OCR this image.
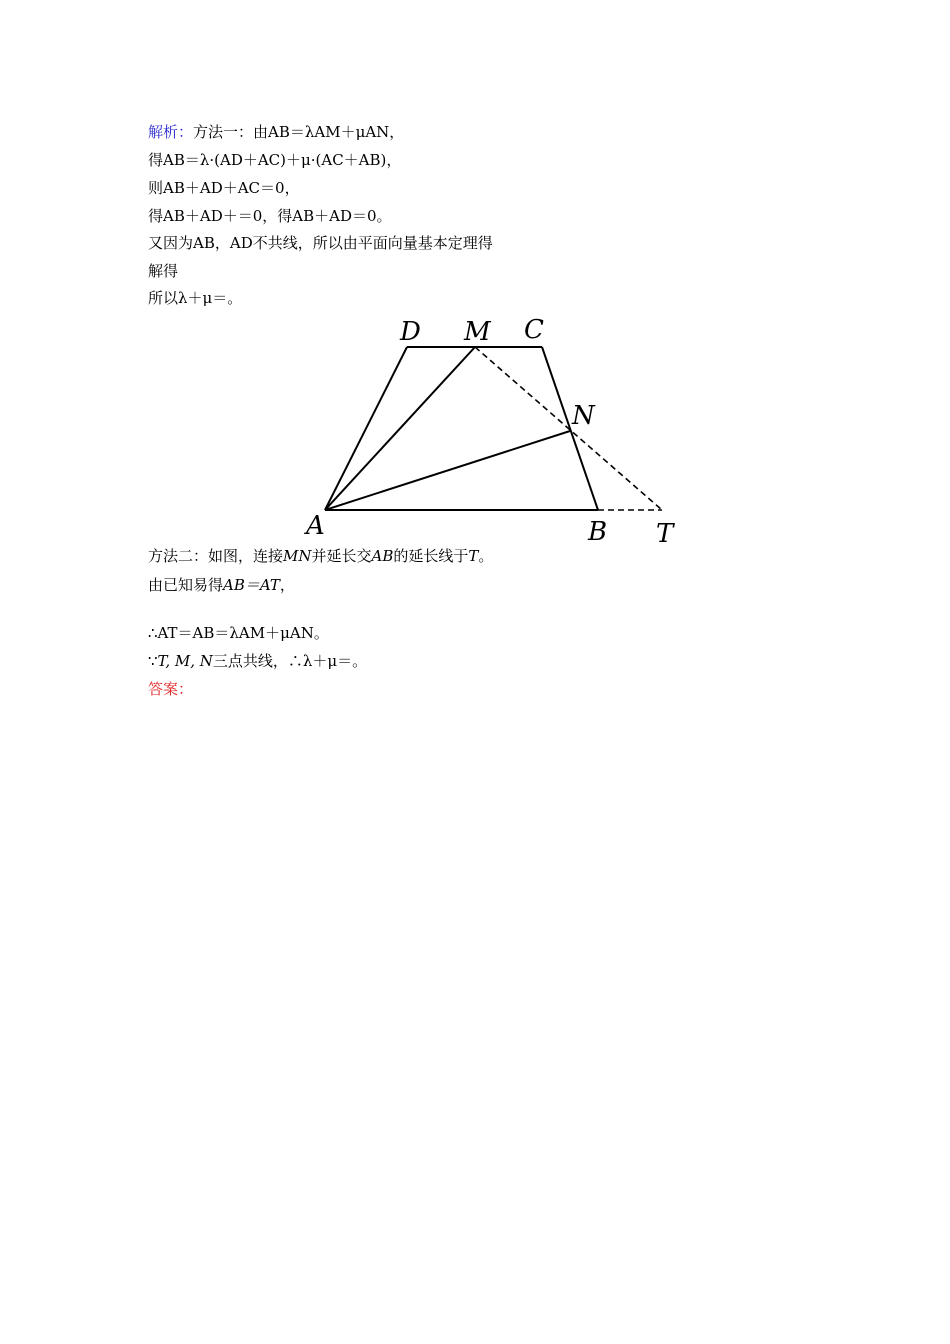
解析：方法一：由AB＝λAM＋μAN，
得AB＝λ·(AD＋AC)＋μ·(AC＋AB)，
则AB＋AD＋AC＝0，
得AB＋AD＋＝0，得AB＋AD＝0。
又因为AB，AD不共线，所以由平面向量基本定理得
解得
所以λ＋μ＝。
D M C
N
A	B T
方法二：如图，连接MN并延长交AB的延长线于T。
由已知易得AB＝AT，
∴AT＝AB＝λAM＋μAN。
∵T, M, N三点共线，∴λ＋μ＝。
答案：
